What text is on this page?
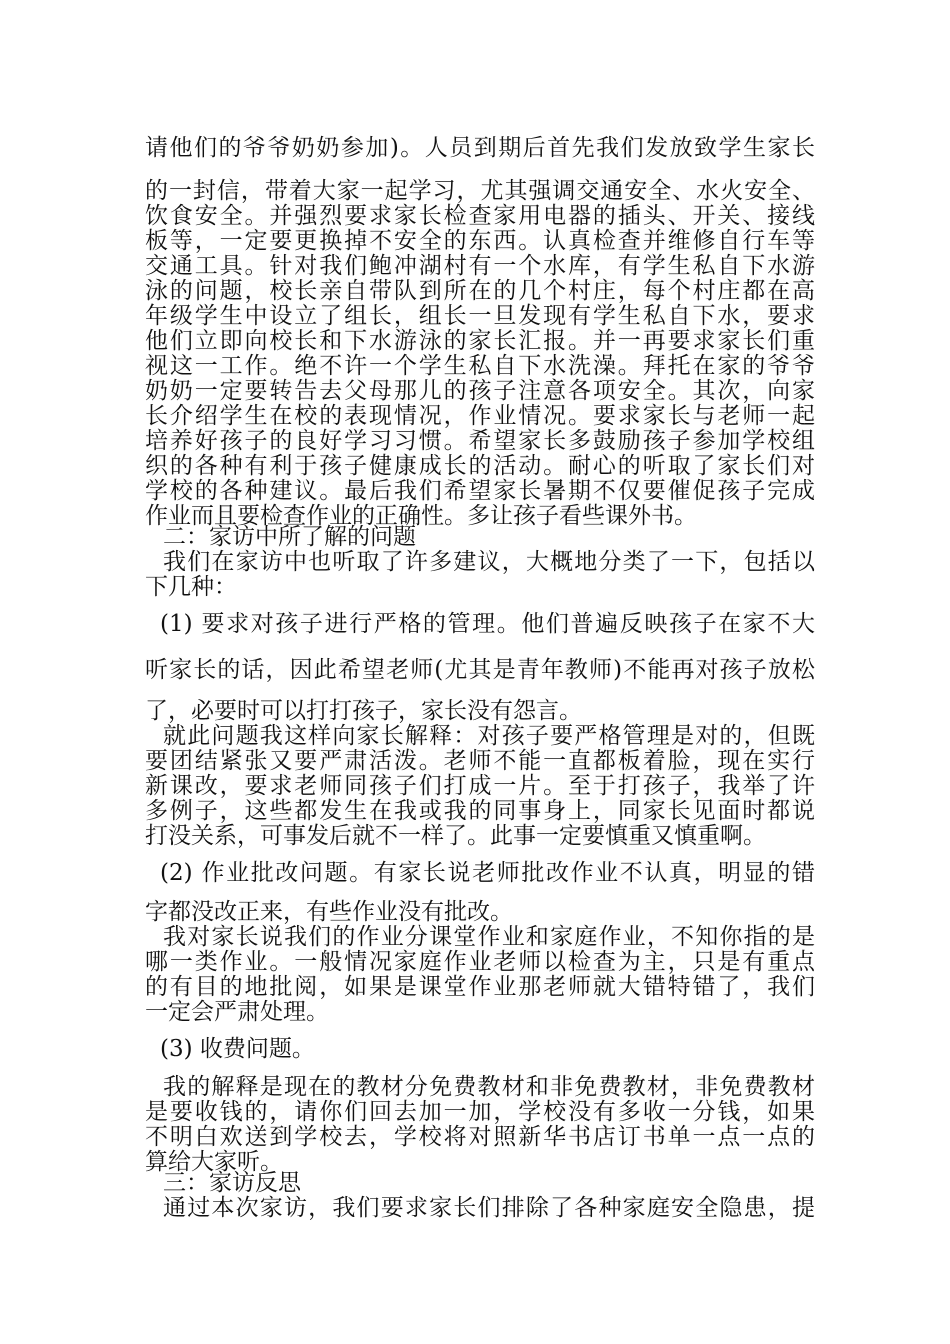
请他们的爷爷奶奶参加)。人员到期后首先我们发放致学生家长
的一封信，带着大家一起学习，尤其强调交通安全、水火安全、
饮食安全。并强烈要求家长检查家用电器的插头、开关、接线
板等，一定要更换掉不安全的东西。认真检查并维修自行车等
交通工具。针对我们鲍冲湖村有一个水库，有学生私自下水游
泳的问题，校长亲自带队到所在的几个村庄，每个村庄都在高
年级学生中设立了组长，组长一旦发现有学生私自下水，要求
他们立即向校长和下水游泳的家长汇报。并一再要求家长们重
视这一工作。绝不许一个学生私自下水洗澡。拜托在家的爷爷
奶奶一定要转告去父母那儿的孩子注意各项安全。其次，向家
长介绍学生在校的表现情况，作业情况。要求家长与老师一起
培养好孩子的良好学习习惯。希望家长多鼓励孩子参加学校组
织的各种有利于孩子健康成长的活动。耐心的听取了家长们对
学校的各种建议。最后我们希望家长暑期不仅要催促孩子完成
作业而且要检查作业的正确性。多让孩子看些课外书。
二：家访中所了解的问题
我们在家访中也听取了许多建议，大概地分类了一下，包括以
下几种：
(1) 要求对孩子进行严格的管理。他们普遍反映孩子在家不大
听家长的话，因此希望老师(尤其是青年教师)不能再对孩子放松
了，必要时可以打打孩子，家长没有怨言。
就此问题我这样向家长解释：对孩子要严格管理是对的，但既
要团结紧张又要严肃活泼。老师不能一直都板着脸，现在实行
新课改，要求老师同孩子们打成一片。至于打孩子，我举了许
多例子，这些都发生在我或我的同事身上，同家长见面时都说
打没关系，可事发后就不一样了。此事一定要慎重又慎重啊。
(2) 作业批改问题。有家长说老师批改作业不认真，明显的错
字都没改正来，有些作业没有批改。
我对家长说我们的作业分课堂作业和家庭作业，不知你指的是
哪一类作业。一般情况家庭作业老师以检查为主，只是有重点
的有目的地批阅，如果是课堂作业那老师就大错特错了，我们
一定会严肃处理。
(3) 收费问题。
我的解释是现在的教材分免费教材和非免费教材，非免费教材
是要收钱的，请你们回去加一加，学校没有多收一分钱，如果
不明白欢送到学校去，学校将对照新华书店订书单一点一点的
算给大家听。
三：家访反思
通过本次家访，我们要求家长们排除了各种家庭安全隐患，提
